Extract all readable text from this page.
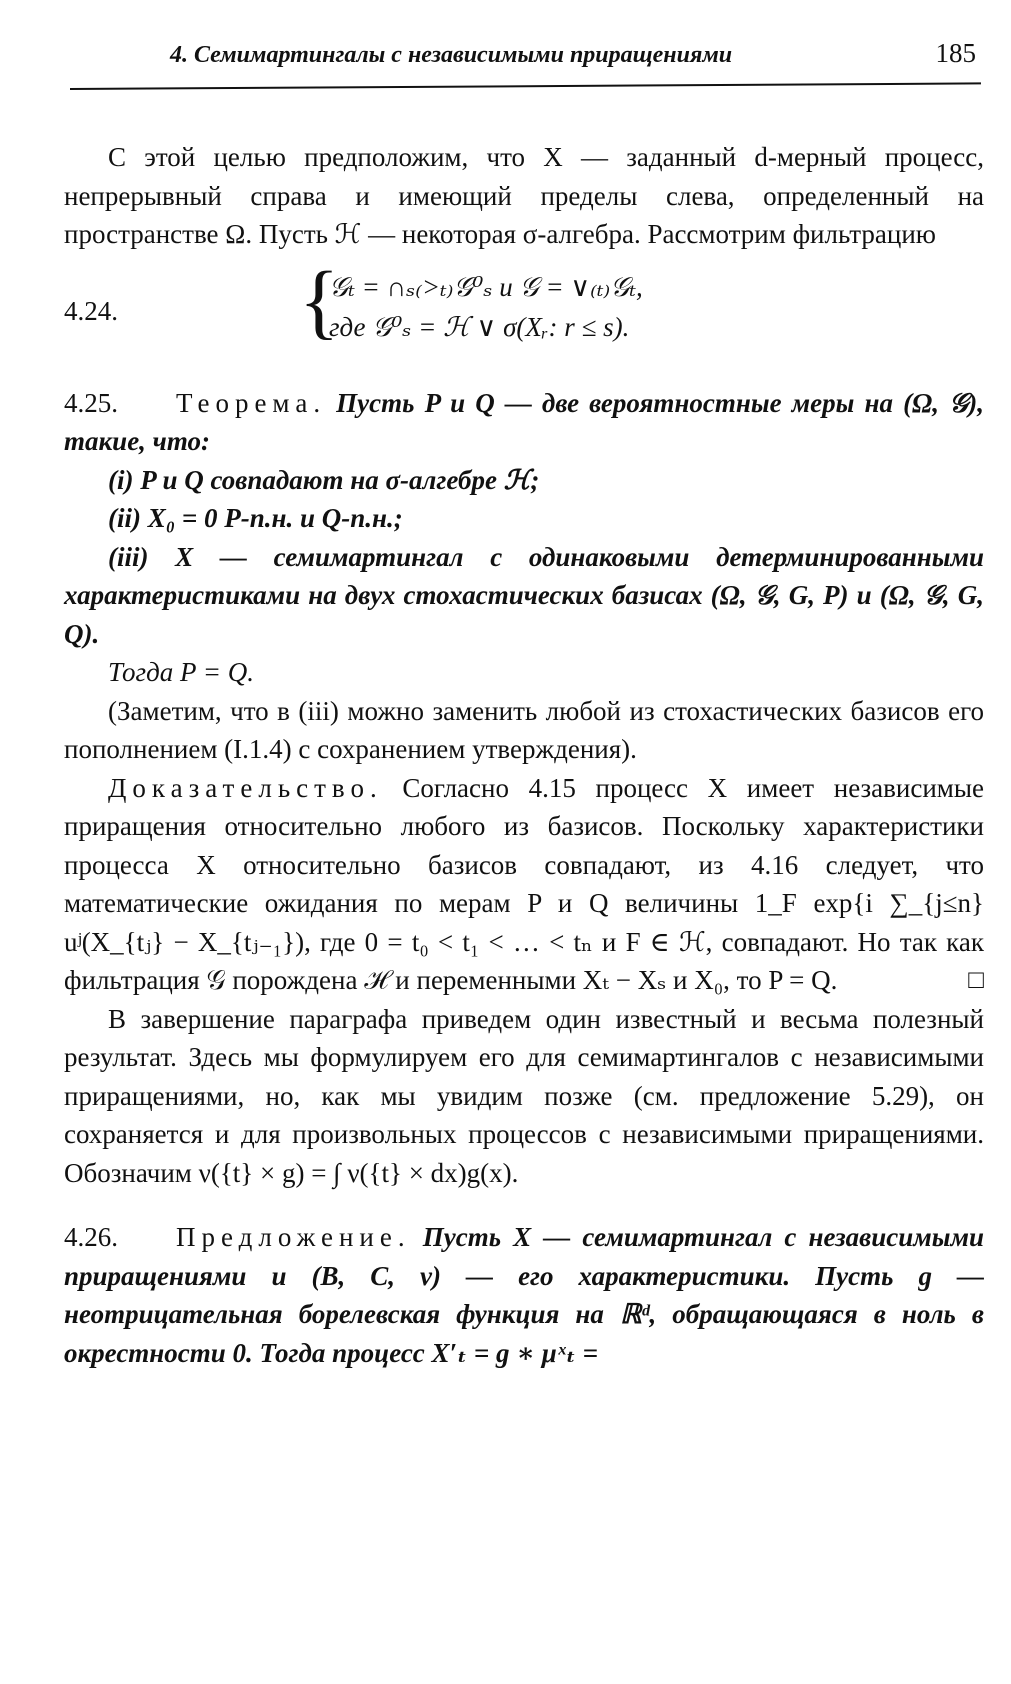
4. Семимартингалы с независимыми приращениями	185

С этой целью предположим, что X — заданный d-мерный процесс, непрерывный справа и имеющий пределы слева, определенный на пространстве Ω. Пусть ℋ — некоторая σ-алгебра. Рассмотрим фильтрацию

4.24. {
𝒢ₜ = ∩ₛ₍>ₜ₎𝒢⁰ₛ и 𝒢 = ∨₍ₜ₎𝒢ₜ,
где 𝒢⁰ₛ = ℋ ∨ σ(Xᵣ: r ≤ s).

4.25. Теорема. Пусть P и Q — две вероятностные меры на (Ω, 𝒢), такие, что:

(i) P и Q совпадают на σ-алгебре ℋ;

(ii) X₀ = 0 P-п.н. и Q-п.н.;

(iii) X — семимартингал с одинаковыми детерминированными характеристиками на двух стохастических базисах (Ω, 𝒢, G, P) и (Ω, 𝒢, G, Q).

Тогда P = Q.

(Заметим, что в (iii) можно заменить любой из стохастических базисов его пополнением (I.1.4) с сохранением утверждения).

Доказательство. Согласно 4.15 процесс X имеет независимые приращения относительно любого из базисов. Поскольку характеристики процесса X относительно базисов совпадают, из 4.16 следует, что математические ожидания по мерам P и Q величины 1_F exp{i ∑_{j≤n} uʲ(X_{tⱼ} − X_{tⱼ₋₁}), где 0 = t₀ < t₁ < … < tₙ и F ∈ ℋ, совпадают. Но так как фильтрация 𝒢 порождена ℋ и переменными Xₜ − Xₛ и X₀, то P = Q.	□

В завершение параграфа приведем один известный и весьма полезный результат. Здесь мы формулируем его для семимартингалов с независимыми приращениями, но, как мы увидим позже (см. предложение 5.29), он сохраняется и для произвольных процессов с независимыми приращениями. Обозначим ν({t} × g) = ∫ ν({t} × dx)g(x).

4.26. Предложение. Пусть X — семимартингал с независимыми приращениями и (B, C, ν) — его характеристики. Пусть g — неотрицательная борелевская функция на ℝᵈ, обращающаяся в ноль в окрестности 0. Тогда процесс X′ₜ = g ∗ μˣₜ =
